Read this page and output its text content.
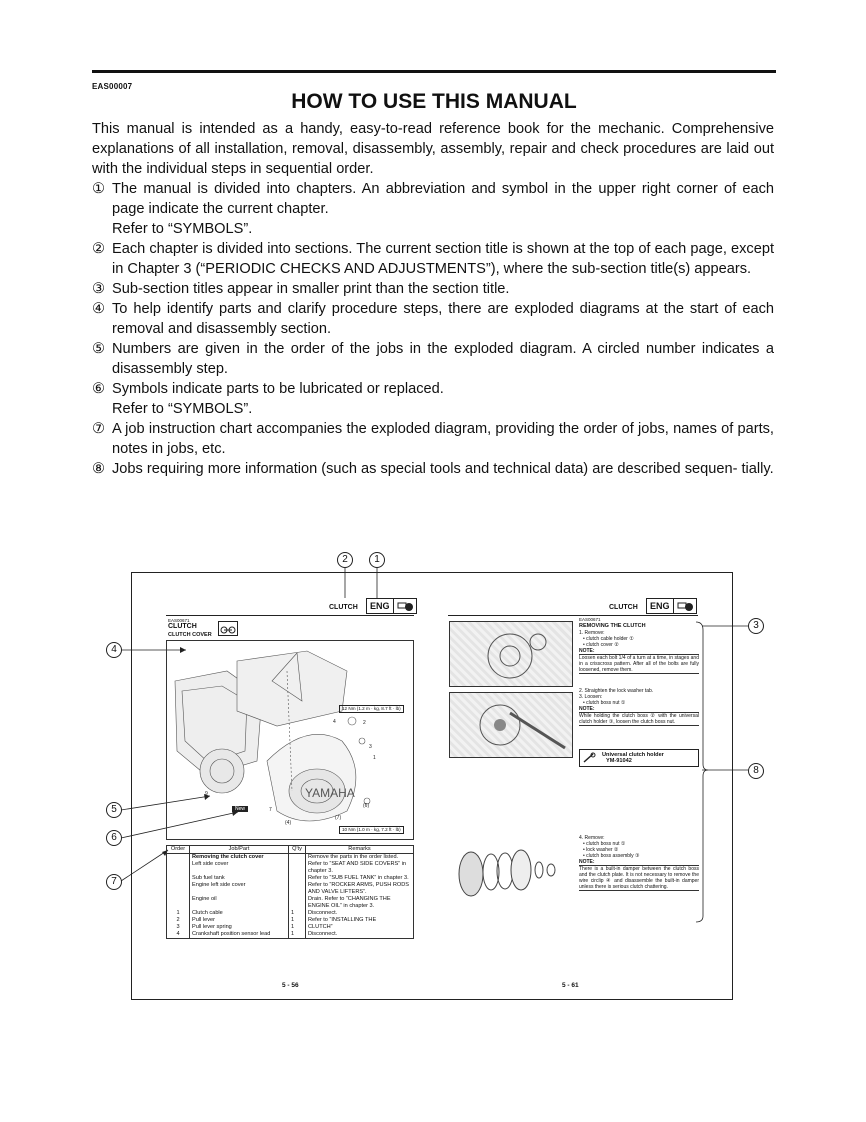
EAS00007
HOW TO USE THIS MANUAL
This manual is intended as a handy, easy-to-read reference book for the mechanic. Comprehensive explanations of all installation, removal, disassembly, assembly, repair and check procedures are laid out with the individual steps in sequential order.
① The manual is divided into chapters. An abbreviation and symbol in the upper right corner of each page indicate the current chapter.
Refer to “SYMBOLS”.
② Each chapter is divided into sections. The current section title is shown at the top of each page, except in Chapter 3 (“PERIODIC CHECKS AND ADJUSTMENTS”), where the sub-section title(s) appears.
③ Sub-section titles appear in smaller print than the section title.
④ To help identify parts and clarify procedure steps, there are exploded diagrams at the start of each removal and disassembly section.
⑤ Numbers are given in the order of the jobs in the exploded diagram. A circled number indicates a disassembly step.
⑥ Symbols indicate parts to be lubricated or replaced.
Refer to “SYMBOLS”.
⑦ A job instruction chart accompanies the exploded diagram, providing the order of jobs, names of parts, notes in jobs, etc.
⑧ Jobs requiring more information (such as special tools and technical data) are described sequen- tially.
2	1
4
5
6
7
3
8
CLUTCH	ENG
EAS00671
CLUTCH
CLUTCH COVER
YAMAHA
4	2
3
1
9
(6)
(7)
7
(4)
12 Nm (1.2 m · kg, 8.7 ft · lb)
10 Nm (1.0 m · kg, 7.2 ft · lb)
New
Order	Job/Part	Q'ty	Remarks
	Removing the clutch cover		Remove the parts in the order listed.
	Left side cover		Refer to “SEAT AND SIDE COVERS” in chapter 3.
	Sub fuel tank		Refer to “SUB FUEL TANK” in chapter 3.
	Engine left side cover		Refer to “ROCKER ARMS, PUSH RODS AND VALVE LIFTERS”.
	Engine oil		Drain. Refer to “CHANGING THE ENGINE OIL” in chapter 3.
1	Clutch cable	1	Disconnect.
2	Pull lever	1	Refer to “INSTALLING THE
3	Pull lever spring	1	CLUTCH”
4	Crankshaft position sensor lead	1	Disconnect.
5 - 56
CLUTCH	ENG
EAS00671
REMOVING THE CLUTCH
1. Remove:
• clutch cable holder ①
• clutch cover ②
NOTE:
Loosen each bolt 1/4 of a turn at a time, in stages and in a crisscross pattern. After all of the bolts are fully loosened, remove them.
2. Straighten the lock washer tab.
3. Loosen:
• clutch boss nut ①
NOTE:
While holding the clutch boss ② with the universal clutch holder ③, loosen the clutch boss nut.
Universal clutch holder
YM-91042
4. Remove:
• clutch boss nut ①
• lock washer ②
• clutch boss assembly ③
NOTE:
There is a built-in damper between the clutch boss and the clutch plate. It is not necessary to remove the wire circlip ④ and disassemble the built-in damper unless there is serious clutch chattering.
5 - 61
